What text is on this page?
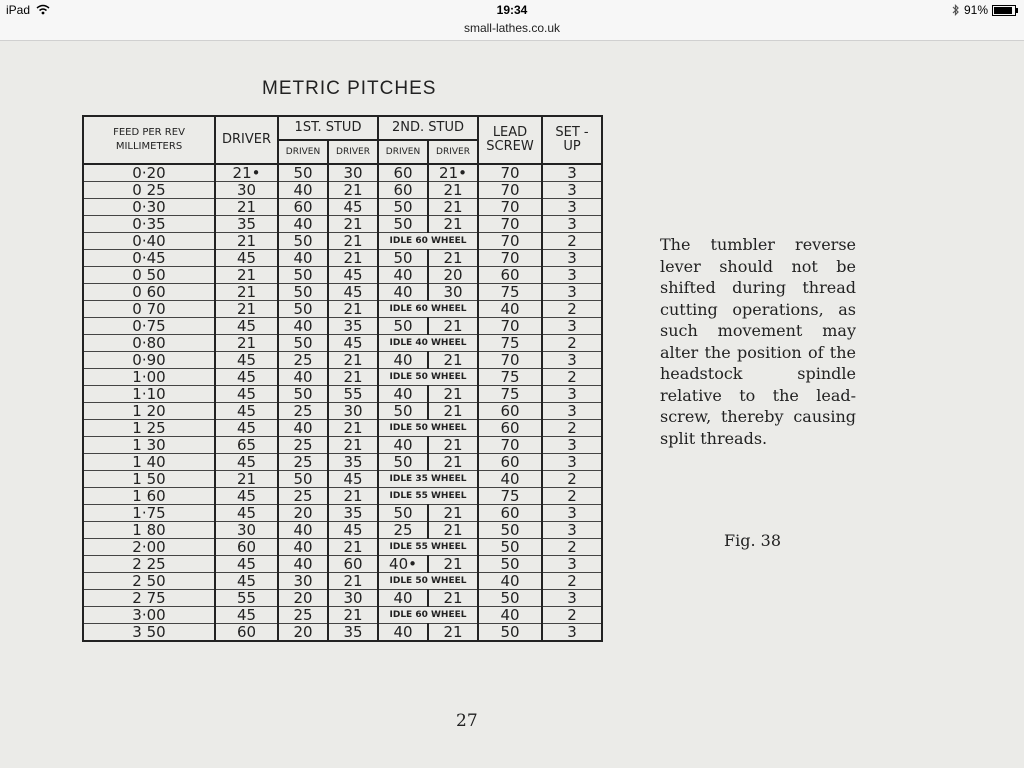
iPad	19:34
small-lathes.co.uk
91%
METRIC PITCHES
FEED PER REV
MILLIMETERS	DRIVER	1ST. STUD		2ND. STUD		LEAD
SCREW	SET -
UP
		DRIVEN	DRIVER	DRIVEN	DRIVER		
0·20	21•	50	30	60	21•	70	3
0 25	30	40	21	60	21	70	3
0·30	21	60	45	50	21	70	3
0·35	35	40	21	50	21	70	3
0·40	21	50	21	IDLE 60 WHEEL		70	2
0·45	45	40	21	50	21	70	3
0 50	21	50	45	40	20	60	3
0 60	21	50	45	40	30	75	3
0 70	21	50	21	IDLE 60 WHEEL		40	2
0·75	45	40	35	50	21	70	3
0·80	21	50	45	IDLE 40 WHEEL		75	2
0·90	45	25	21	40	21	70	3
1·00	45	40	21	IDLE 50 WHEEL		75	2
1·10	45	50	55	40	21	75	3
1 20	45	25	30	50	21	60	3
1 25	45	40	21	IDLE 50 WHEEL		60	2
1 30	65	25	21	40	21	70	3
1 40	45	25	35	50	21	60	3
1 50	21	50	45	IDLE 35 WHEEL		40	2
1 60	45	25	21	IDLE 55 WHEEL		75	2
1·75	45	20	35	50	21	60	3
1 80	30	40	45	25	21	50	3
2·00	60	40	21	IDLE 55 WHEEL		50	2
2 25	45	40	60	40•	21	50	3
2 50	45	30	21	IDLE 50 WHEEL		40	2
2 75	55	20	30	40	21	50	3
3·00	45	25	21	IDLE 60 WHEEL		40	2
3 50	60	20	35	40	21	50	3
The tumbler reverse lever should not be shifted during thread cutting operations, as such movement may alter the position of the headstock spindle relative to the lead-screw, thereby causing split threads.
Fig. 38
27
